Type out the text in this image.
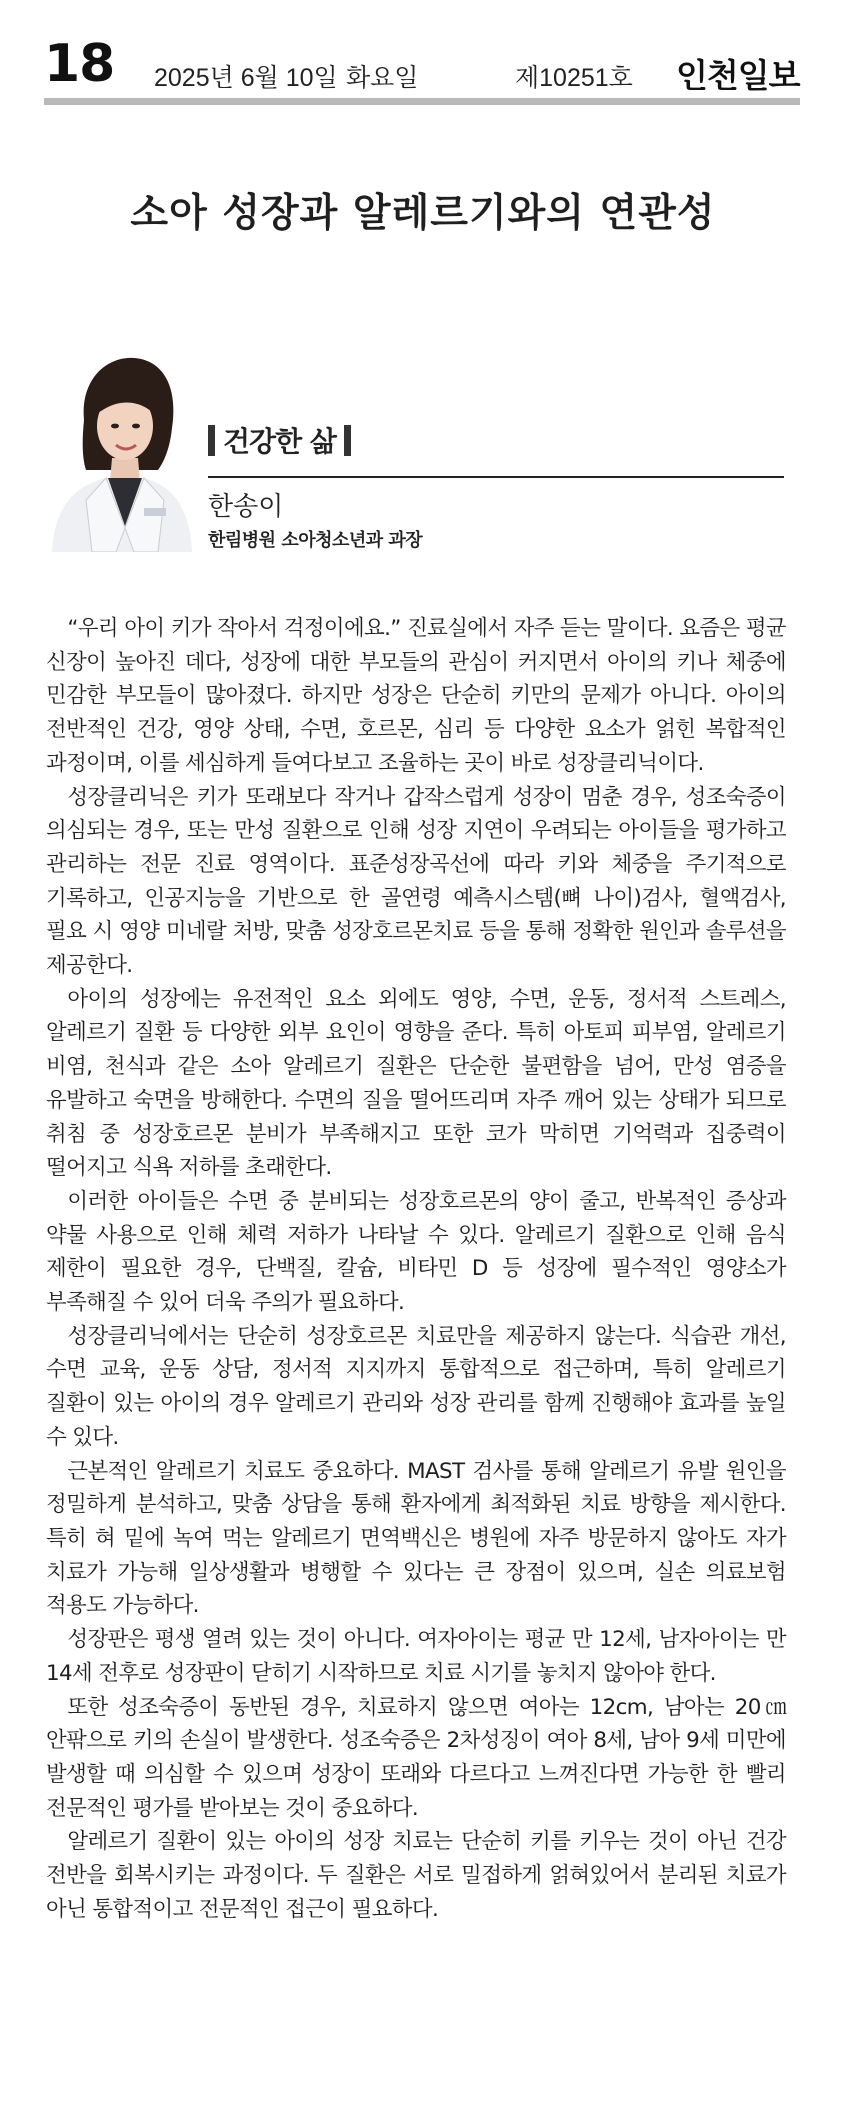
18 2025년 6월 10일 화요일	제10251호 인천일보
소아 성장과 알레르기와의 연관성
건강한 삶
한송이
한림병원 소아청소년과 과장

“우리 아이 키가 작아서 걱정이에요.” 진료실에서 자주 듣는 말이다. 요즘은 평균 신장이 높아진 데다, 성장에 대한 부모들의 관심이 커지면서 아이의 키나 체중에 민감한 부모들이 많아졌다. 하지만 성장은 단순히 키만의 문제가 아니다. 아이의 전반적인 건강, 영양 상태, 수면, 호르몬, 심리 등 다양한 요소가 얽힌 복합적인 과정이며, 이를 세심하게 들여다보고 조율하는 곳이 바로 성장클리닉이다.

성장클리닉은 키가 또래보다 작거나 갑작스럽게 성장이 멈춘 경우, 성조숙증이 의심되는 경우, 또는 만성 질환으로 인해 성장 지연이 우려되는 아이들을 평가하고 관리하는 전문 진료 영역이다. 표준성장곡선에 따라 키와 체중을 주기적으로 기록하고, 인공지능을 기반으로 한 골연령 예측시스템(뼈 나이)검사, 혈액검사, 필요 시 영양 미네랄 처방, 맞춤 성장호르몬치료 등을 통해 정확한 원인과 솔루션을 제공한다.

아이의 성장에는 유전적인 요소 외에도 영양, 수면, 운동, 정서적 스트레스, 알레르기 질환 등 다양한 외부 요인이 영향을 준다. 특히 아토피 피부염, 알레르기 비염, 천식과 같은 소아 알레르기 질환은 단순한 불편함을 넘어, 만성 염증을 유발하고 숙면을 방해한다. 수면의 질을 떨어뜨리며 자주 깨어 있는 상태가 되므로 취침 중 성장호르몬 분비가 부족해지고 또한 코가 막히면 기억력과 집중력이 떨어지고 식욕 저하를 초래한다.

이러한 아이들은 수면 중 분비되는 성장호르몬의 양이 줄고, 반복적인 증상과 약물 사용으로 인해 체력 저하가 나타날 수 있다. 알레르기 질환으로 인해 음식 제한이 필요한 경우, 단백질, 칼슘, 비타민 D 등 성장에 필수적인 영양소가 부족해질 수 있어 더욱 주의가 필요하다.

성장클리닉에서는 단순히 성장호르몬 치료만을 제공하지 않는다. 식습관 개선, 수면 교육, 운동 상담, 정서적 지지까지 통합적으로 접근하며, 특히 알레르기 질환이 있는 아이의 경우 알레르기 관리와 성장 관리를 함께 진행해야 효과를 높일 수 있다.

근본적인 알레르기 치료도 중요하다. MAST 검사를 통해 알레르기 유발 원인을 정밀하게 분석하고, 맞춤 상담을 통해 환자에게 최적화된 치료 방향을 제시한다. 특히 혀 밑에 녹여 먹는 알레르기 면역백신은 병원에 자주 방문하지 않아도 자가 치료가 가능해 일상생활과 병행할 수 있다는 큰 장점이 있으며, 실손 의료보험 적용도 가능하다.

성장판은 평생 열려 있는 것이 아니다. 여자아이는 평균 만 12세, 남자아이는 만 14세 전후로 성장판이 닫히기 시작하므로 치료 시기를 놓치지 않아야 한다.

또한 성조숙증이 동반된 경우, 치료하지 않으면 여아는 12cm, 남아는 20㎝ 안팎으로 키의 손실이 발생한다. 성조숙증은 2차성징이 여아 8세, 남아 9세 미만에 발생할 때 의심할 수 있으며 성장이 또래와 다르다고 느껴진다면 가능한 한 빨리 전문적인 평가를 받아보는 것이 중요하다.

알레르기 질환이 있는 아이의 성장 치료는 단순히 키를 키우는 것이 아닌 건강 전반을 회복시키는 과정이다. 두 질환은 서로 밀접하게 얽혀있어서 분리된 치료가 아닌 통합적이고 전문적인 접근이 필요하다.
